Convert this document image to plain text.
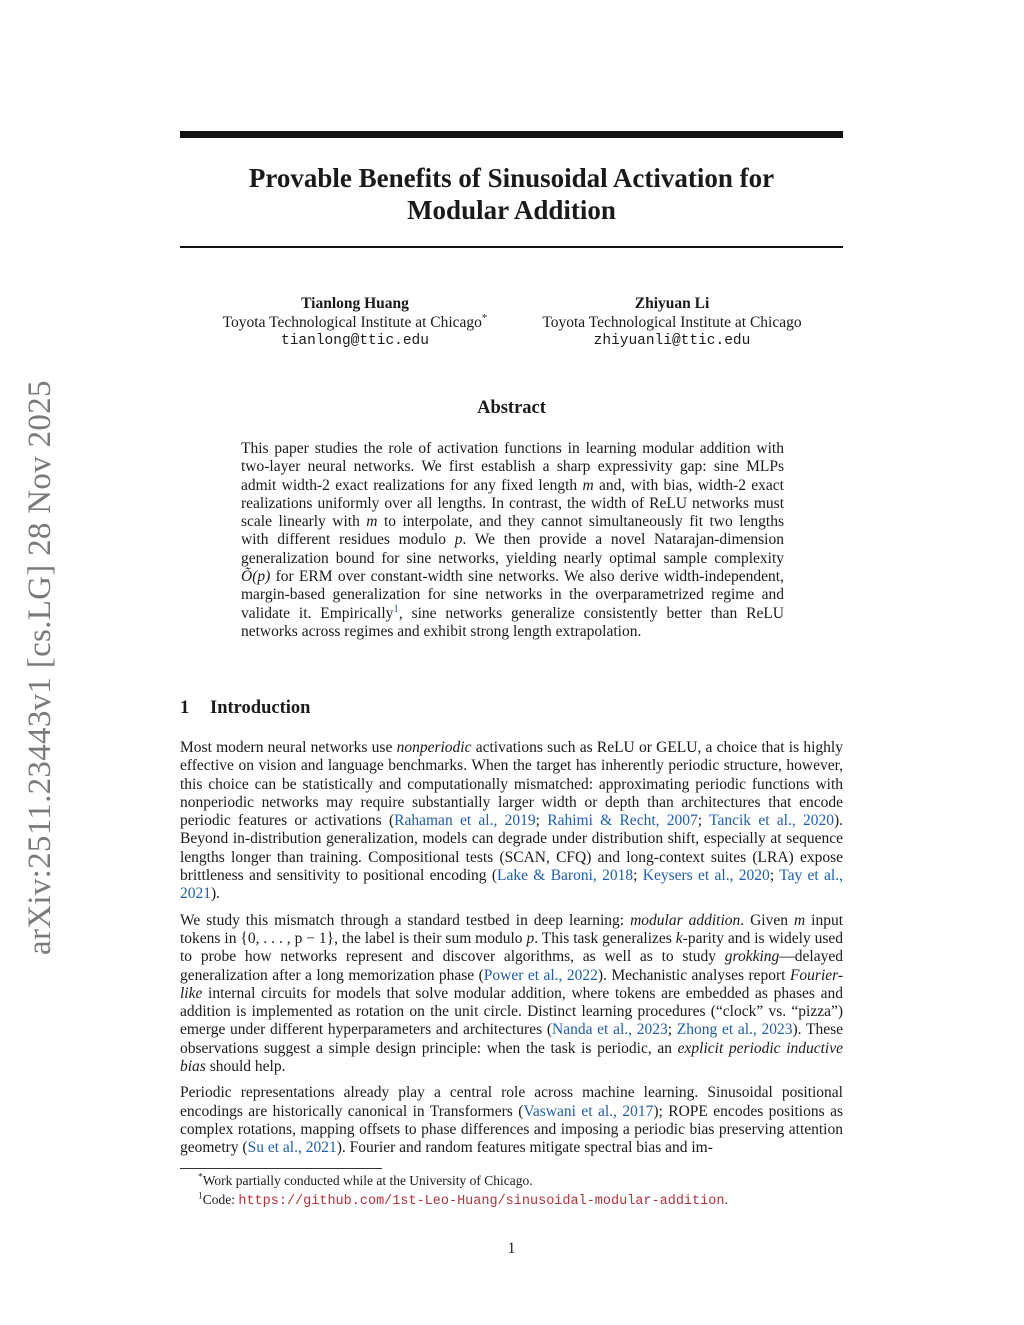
arXiv:2511.23443v1 [cs.LG] 28 Nov 2025
Provable Benefits of Sinusoidal Activation for
Modular Addition
Tianlong Huang
Toyota Technological Institute at Chicago*
tianlong@ttic.edu
Zhiyuan Li
Toyota Technological Institute at Chicago
zhiyuanli@ttic.edu
Abstract

This paper studies the role of activation functions in learning modular addition with two-layer neural networks. We first establish a sharp expressivity gap: sine MLPs admit width-2 exact realizations for any fixed length m and, with bias, width-2 exact realizations uniformly over all lengths. In contrast, the width of ReLU networks must scale linearly with m to interpolate, and they cannot simultaneously fit two lengths with different residues modulo p. We then provide a novel Natarajan-dimension generalization bound for sine networks, yielding nearly optimal sample complexity Õ(p) for ERM over constant-width sine networks. We also derive width-independent, margin-based generalization for sine networks in the overparametrized regime and validate it. Empirically$^1$, sine networks generalize consistently better than ReLU networks across regimes and exhibit strong length extrapolation.

1 Introduction

Most modern neural networks use nonperiodic activations such as ReLU or GELU, a choice that is highly effective on vision and language benchmarks. When the target has inherently periodic structure, however, this choice can be statistically and computationally mismatched: approximating periodic functions with nonperiodic networks may require substantially larger width or depth than architectures that encode periodic features or activations (Rahaman et al., 2019; Rahimi & Recht, 2007; Tancik et al., 2020). Beyond in-distribution generalization, models can degrade under distribution shift, especially at sequence lengths longer than training. Compositional tests (SCAN, CFQ) and long-context suites (LRA) expose brittleness and sensitivity to positional encoding (Lake & Baroni, 2018; Keysers et al., 2020; Tay et al., 2021).

We study this mismatch through a standard testbed in deep learning: modular addition. Given m input tokens in {0, . . . , p − 1}, the label is their sum modulo p. This task generalizes k-parity and is widely used to probe how networks represent and discover algorithms, as well as to study grokking—delayed generalization after a long memorization phase (Power et al., 2022). Mechanistic analyses report Fourier-like internal circuits for models that solve modular addition, where tokens are embedded as phases and addition is implemented as rotation on the unit circle. Distinct learning procedures (“clock” vs. “pizza”) emerge under different hyperparameters and architectures (Nanda et al., 2023; Zhong et al., 2023). These observations suggest a simple design principle: when the task is periodic, an explicit periodic inductive bias should help.

Periodic representations already play a central role across machine learning. Sinusoidal positional encodings are historically canonical in Transformers (Vaswani et al., 2017); ROPE encodes positions as complex rotations, mapping offsets to phase differences and imposing a periodic bias preserving attention geometry (Su et al., 2021). Fourier and random features mitigate spectral bias and im-

*Work partially conducted while at the University of Chicago.
$^1$Code: https://github.com/1st-Leo-Huang/sinusoidal-modular-addition.
1
